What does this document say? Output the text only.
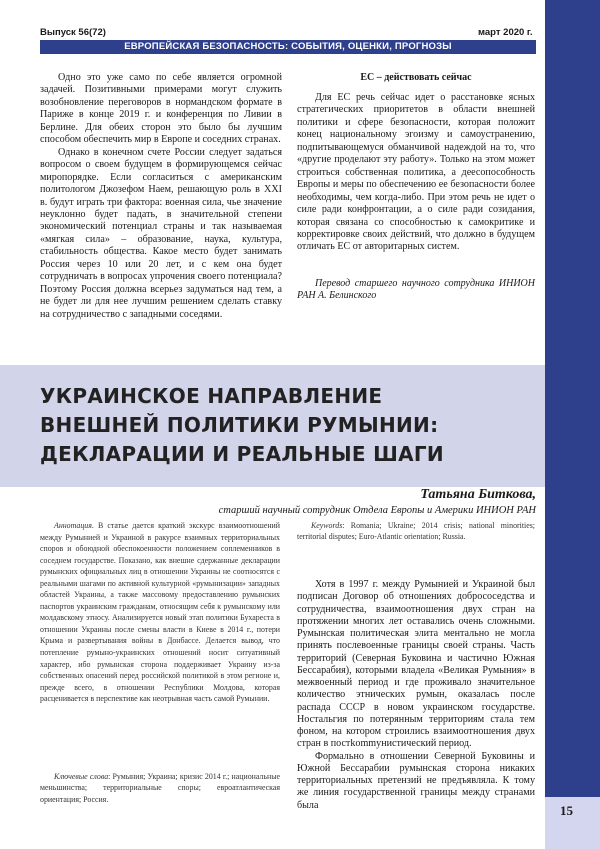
15
Выпуск 56(72)	март 2020 г.
ЕВРОПЕЙСКАЯ БЕЗОПАСНОСТЬ: СОБЫТИЯ, ОЦЕНКИ, ПРОГНОЗЫ

Одно это уже само по себе является огромной задачей. Позитивными примерами могут служить возобновление переговоров в нормандском формате в Париже в конце 2019 г. и конференция по Ливии в Берлине. Для обеих сторон это было бы лучшим способом обеспечить мир в Европе и соседних странах.

Однако в конечном счете России следует задаться вопросом о своем будущем в формирующемся сейчас миропорядке. Если согласиться с американским политологом Джозефом Наем, решающую роль в XXI в. будут играть три фактора: военная сила, чье значение неуклонно будет падать, в значительной степени экономический потенциал страны и так называемая «мягкая сила» – образование, наука, культура, стабильность общества. Какое место будет занимать Россия через 10 или 20 лет, и с кем она будет сотрудничать в вопросах упрочения своего потенциала? Поэтому Россия должна всерьез задуматься над тем, а не будет ли для нее лучшим решением сделать ставку на сотрудничество с западными соседями.

ЕС – действовать сейчас

Для ЕС речь сейчас идет о расстановке ясных стратегических приоритетов в области внешней политики и сфере безопасности, которая положит конец национальному эгоизму и самоустранению, подпитывающемуся обманчивой надеждой на то, что «другие проделают эту работу». Только на этом может строиться собственная политика, а деесопособность Европы и меры по обеспечению ее безопасности более необходимы, чем когда-либо. При этом речь не идет о силе ради конфронтации, а о силе ради созидания, которая связана со способностью к самокритике и корректировке своих действий, что должно в будущем отличать ЕС от авторитарных систем.

Перевод старшего научного сотрудника ИНИОН РАН А. Белинского

УКРАИНСКОЕ НАПРАВЛЕНИЕ
ВНЕШНЕЙ ПОЛИТИКИ РУМЫНИИ:
ДЕКЛАРАЦИИ И РЕАЛЬНЫЕ ШАГИ
Татьяна Биткова,
старший научный сотрудник Отдела Европы и Америки ИНИОН РАН

Аннотация. В статье дается краткий экскурс взаимоотношений между Румынией и Украиной в ракурсе взаимных территориальных споров и обоюдной обеспокоенности положением соплеменников в соседнем государстве. Показано, как внешне сдержанные декларации румынских официальных лиц в отношении Украины не соотносятся с реальными шагами по активной культурной «румынизации» западных областей Украины, а также массовому предоставлению румынских паспортов украинским гражданам, относящим себя к румынскому или молдавскому этносу. Анализируется новый этап политики Бухареста в отношении Украины после смены власти в Киеве в 2014 г., потери Крыма и развертывания войны в Донбассе. Делается вывод, что потепление румыно-украинских отношений носит ситуативный характер, ибо румынская сторона поддерживает Украину из-за собственных опасений перед российской политикой в этом регионе и, прежде всего, в отношении Республики Молдова, которая расценивается в перспективе как неотрывная часть самой Румынии.

Ключевые слова: Румыния; Украина; кризис 2014 г.; национальные меньшинства; территориальные споры; евроатлантическая ориентация; Россия.

Keywords: Romania; Ukraine; 2014 crisis; national minorities; territorial disputes; Euro-Atlantic orientation; Russia.

Хотя в 1997 г. между Румынией и Украиной был подписан Договор об отношениях добрососедства и сотрудничества, взаимоотношения двух стран на протяжении многих лет оставались очень сложными. Румынская политическая элита ментально не могла принять послевоенные границы своей страны. Часть территорий (Северная Буковина и частично Южная Бессарабия), которыми владела «Великая Румыния» в межвоенный период и где проживало значительное количество этнических румын, оказалась после распада СССР в новом украинском государстве. Ностальгия по потерянным территориям стала тем фоном, на котором строились взаимоотношения двух стран в постkommунистический период.

Формально в отношении Северной Буковины и Южной Бессарабии румынская сторона никаких территориальных претензий не предъявляла. К тому же линия государственной границы между странами была
